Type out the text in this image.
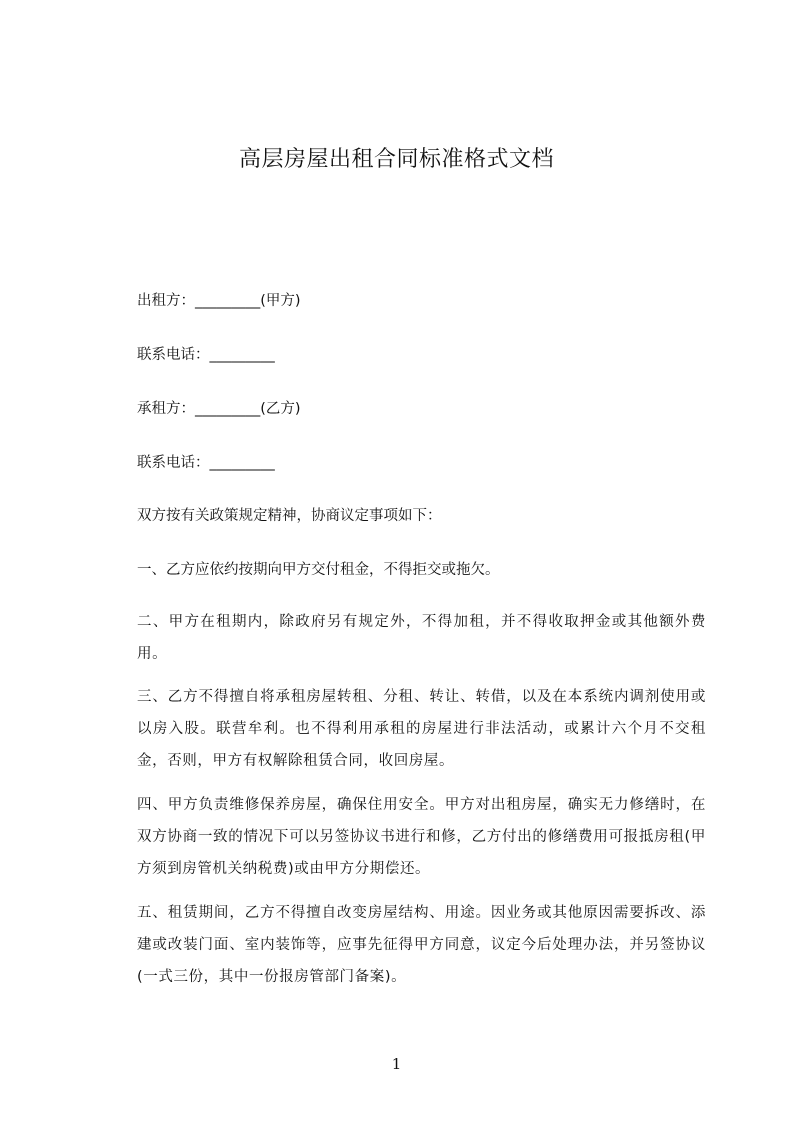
高层房屋出租合同标准格式文档
出租方：_________(甲方)
联系电话：_________
承租方：_________(乙方)
联系电话：_________
双方按有关政策规定精神，协商议定事项如下：
一、乙方应依约按期向甲方交付租金，不得拒交或拖欠。
二、甲方在租期内，除政府另有规定外，不得加租，并不得收取押金或其他额外费用。
三、乙方不得擅自将承租房屋转租、分租、转让、转借，以及在本系统内调剂使用或以房入股。联营牟利。也不得利用承租的房屋进行非法活动，或累计六个月不交租金，否则，甲方有权解除租赁合同，收回房屋。
四、甲方负责维修保养房屋，确保住用安全。甲方对出租房屋，确实无力修缮时，在双方协商一致的情况下可以另签协议书进行和修，乙方付出的修缮费用可报抵房租(甲方须到房管机关纳税费)或由甲方分期偿还。
五、租赁期间，乙方不得擅自改变房屋结构、用途。因业务或其他原因需要拆改、添建或改装门面、室内装饰等，应事先征得甲方同意，议定今后处理办法，并另签协议(一式三份，其中一份报房管部门备案)。
1
